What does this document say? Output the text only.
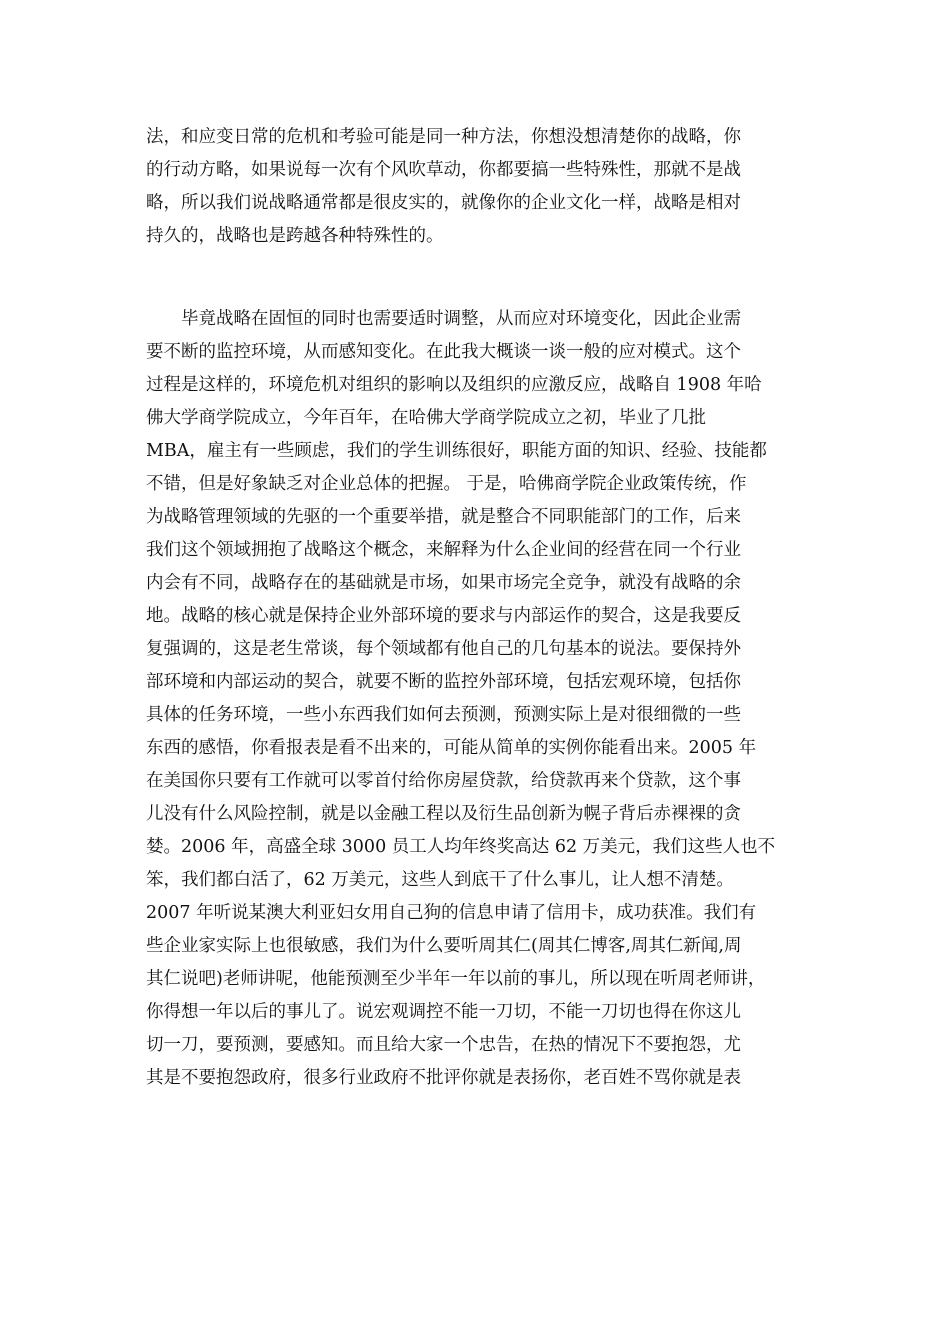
法，和应变日常的危机和考验可能是同一种方法，你想没想清楚你的战略，你
的行动方略，如果说每一次有个风吹草动，你都要搞一些特殊性，那就不是战
略，所以我们说战略通常都是很皮实的，就像你的企业文化一样，战略是相对
持久的，战略也是跨越各种特殊性的。
毕竟战略在固恒的同时也需要适时调整，从而应对环境变化，因此企业需
要不断的监控环境，从而感知变化。在此我大概谈一谈一般的应对模式。这个
过程是这样的，环境危机对组织的影响以及组织的应激反应，战略自 1908 年哈
佛大学商学院成立，今年百年，在哈佛大学商学院成立之初，毕业了几批
MBA，雇主有一些顾虑，我们的学生训练很好，职能方面的知识、经验、技能都
不错，但是好象缺乏对企业总体的把握。 于是，哈佛商学院企业政策传统，作
为战略管理领域的先驱的一个重要举措，就是整合不同职能部门的工作，后来
我们这个领域拥抱了战略这个概念，来解释为什么企业间的经营在同一个行业
内会有不同，战略存在的基础就是市场，如果市场完全竞争，就没有战略的余
地。战略的核心就是保持企业外部环境的要求与内部运作的契合，这是我要反
复强调的，这是老生常谈，每个领域都有他自己的几句基本的说法。要保持外
部环境和内部运动的契合，就要不断的监控外部环境，包括宏观环境，包括你
具体的任务环境，一些小东西我们如何去预测，预测实际上是对很细微的一些
东西的感悟，你看报表是看不出来的，可能从简单的实例你能看出来。2005 年
在美国你只要有工作就可以零首付给你房屋贷款，给贷款再来个贷款，这个事
儿没有什么风险控制，就是以金融工程以及衍生品创新为幌子背后赤裸裸的贪
婪。2006 年，高盛全球 3000 员工人均年终奖高达 62 万美元，我们这些人也不
笨，我们都白活了，62 万美元，这些人到底干了什么事儿，让人想不清楚。
2007 年听说某澳大利亚妇女用自己狗的信息申请了信用卡，成功获准。我们有
些企业家实际上也很敏感，我们为什么要听周其仁(周其仁博客,周其仁新闻,周
其仁说吧)老师讲呢，他能预测至少半年一年以前的事儿，所以现在听周老师讲，
你得想一年以后的事儿了。说宏观调控不能一刀切，不能一刀切也得在你这儿
切一刀，要预测，要感知。而且给大家一个忠告，在热的情况下不要抱怨，尤
其是不要抱怨政府，很多行业政府不批评你就是表扬你，老百姓不骂你就是表
